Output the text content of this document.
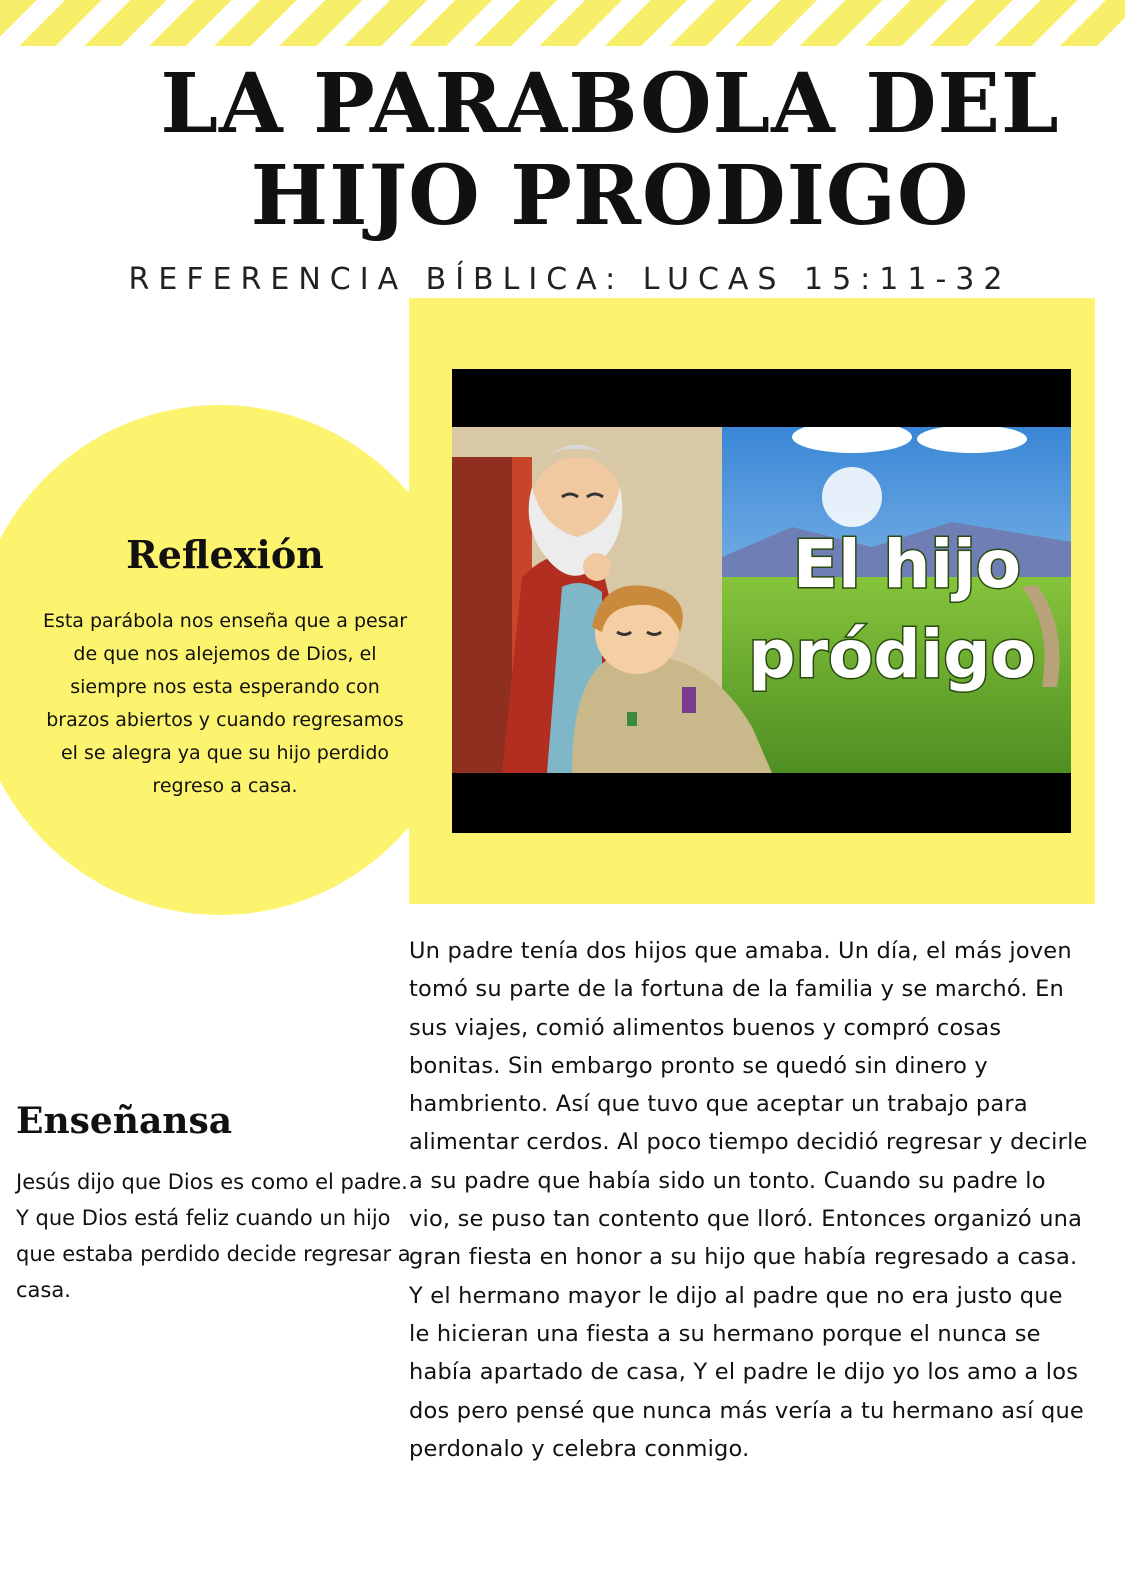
LA PARABOLA DEL
HIJO PRODIGO
REFERENCIA BÍBLICA: LUCAS 15:11-32
El hijo
pródigo
Reflexión

Esta parábola nos enseña que a pesar de que nos alejemos de Dios, el siempre nos esta esperando con brazos abiertos y cuando regresamos el se alegra ya que su hijo perdido regreso a casa.

Enseñansa

Jesús dijo que Dios es como el padre. Y que Dios está feliz cuando un hijo que estaba perdido decide regresar a casa.

Un padre tenía dos hijos que amaba. Un día, el más joven tomó su parte de la fortuna de la familia y se marchó. En sus viajes, comió alimentos buenos y compró cosas bonitas. Sin embargo pronto se quedó sin dinero y hambriento. Así que tuvo que aceptar un trabajo para alimentar cerdos. Al poco tiempo decidió regresar y decirle a su padre que había sido un tonto. Cuando su padre lo vio, se puso tan contento que lloró. Entonces organizó una gran fiesta en honor a su hijo que había regresado a casa. Y el hermano mayor le dijo al padre que no era justo que le hicieran una fiesta a su hermano porque el nunca se había apartado de casa, Y el padre le dijo yo los amo a los dos pero pensé que nunca más vería a tu hermano así que perdonalo y celebra conmigo.
